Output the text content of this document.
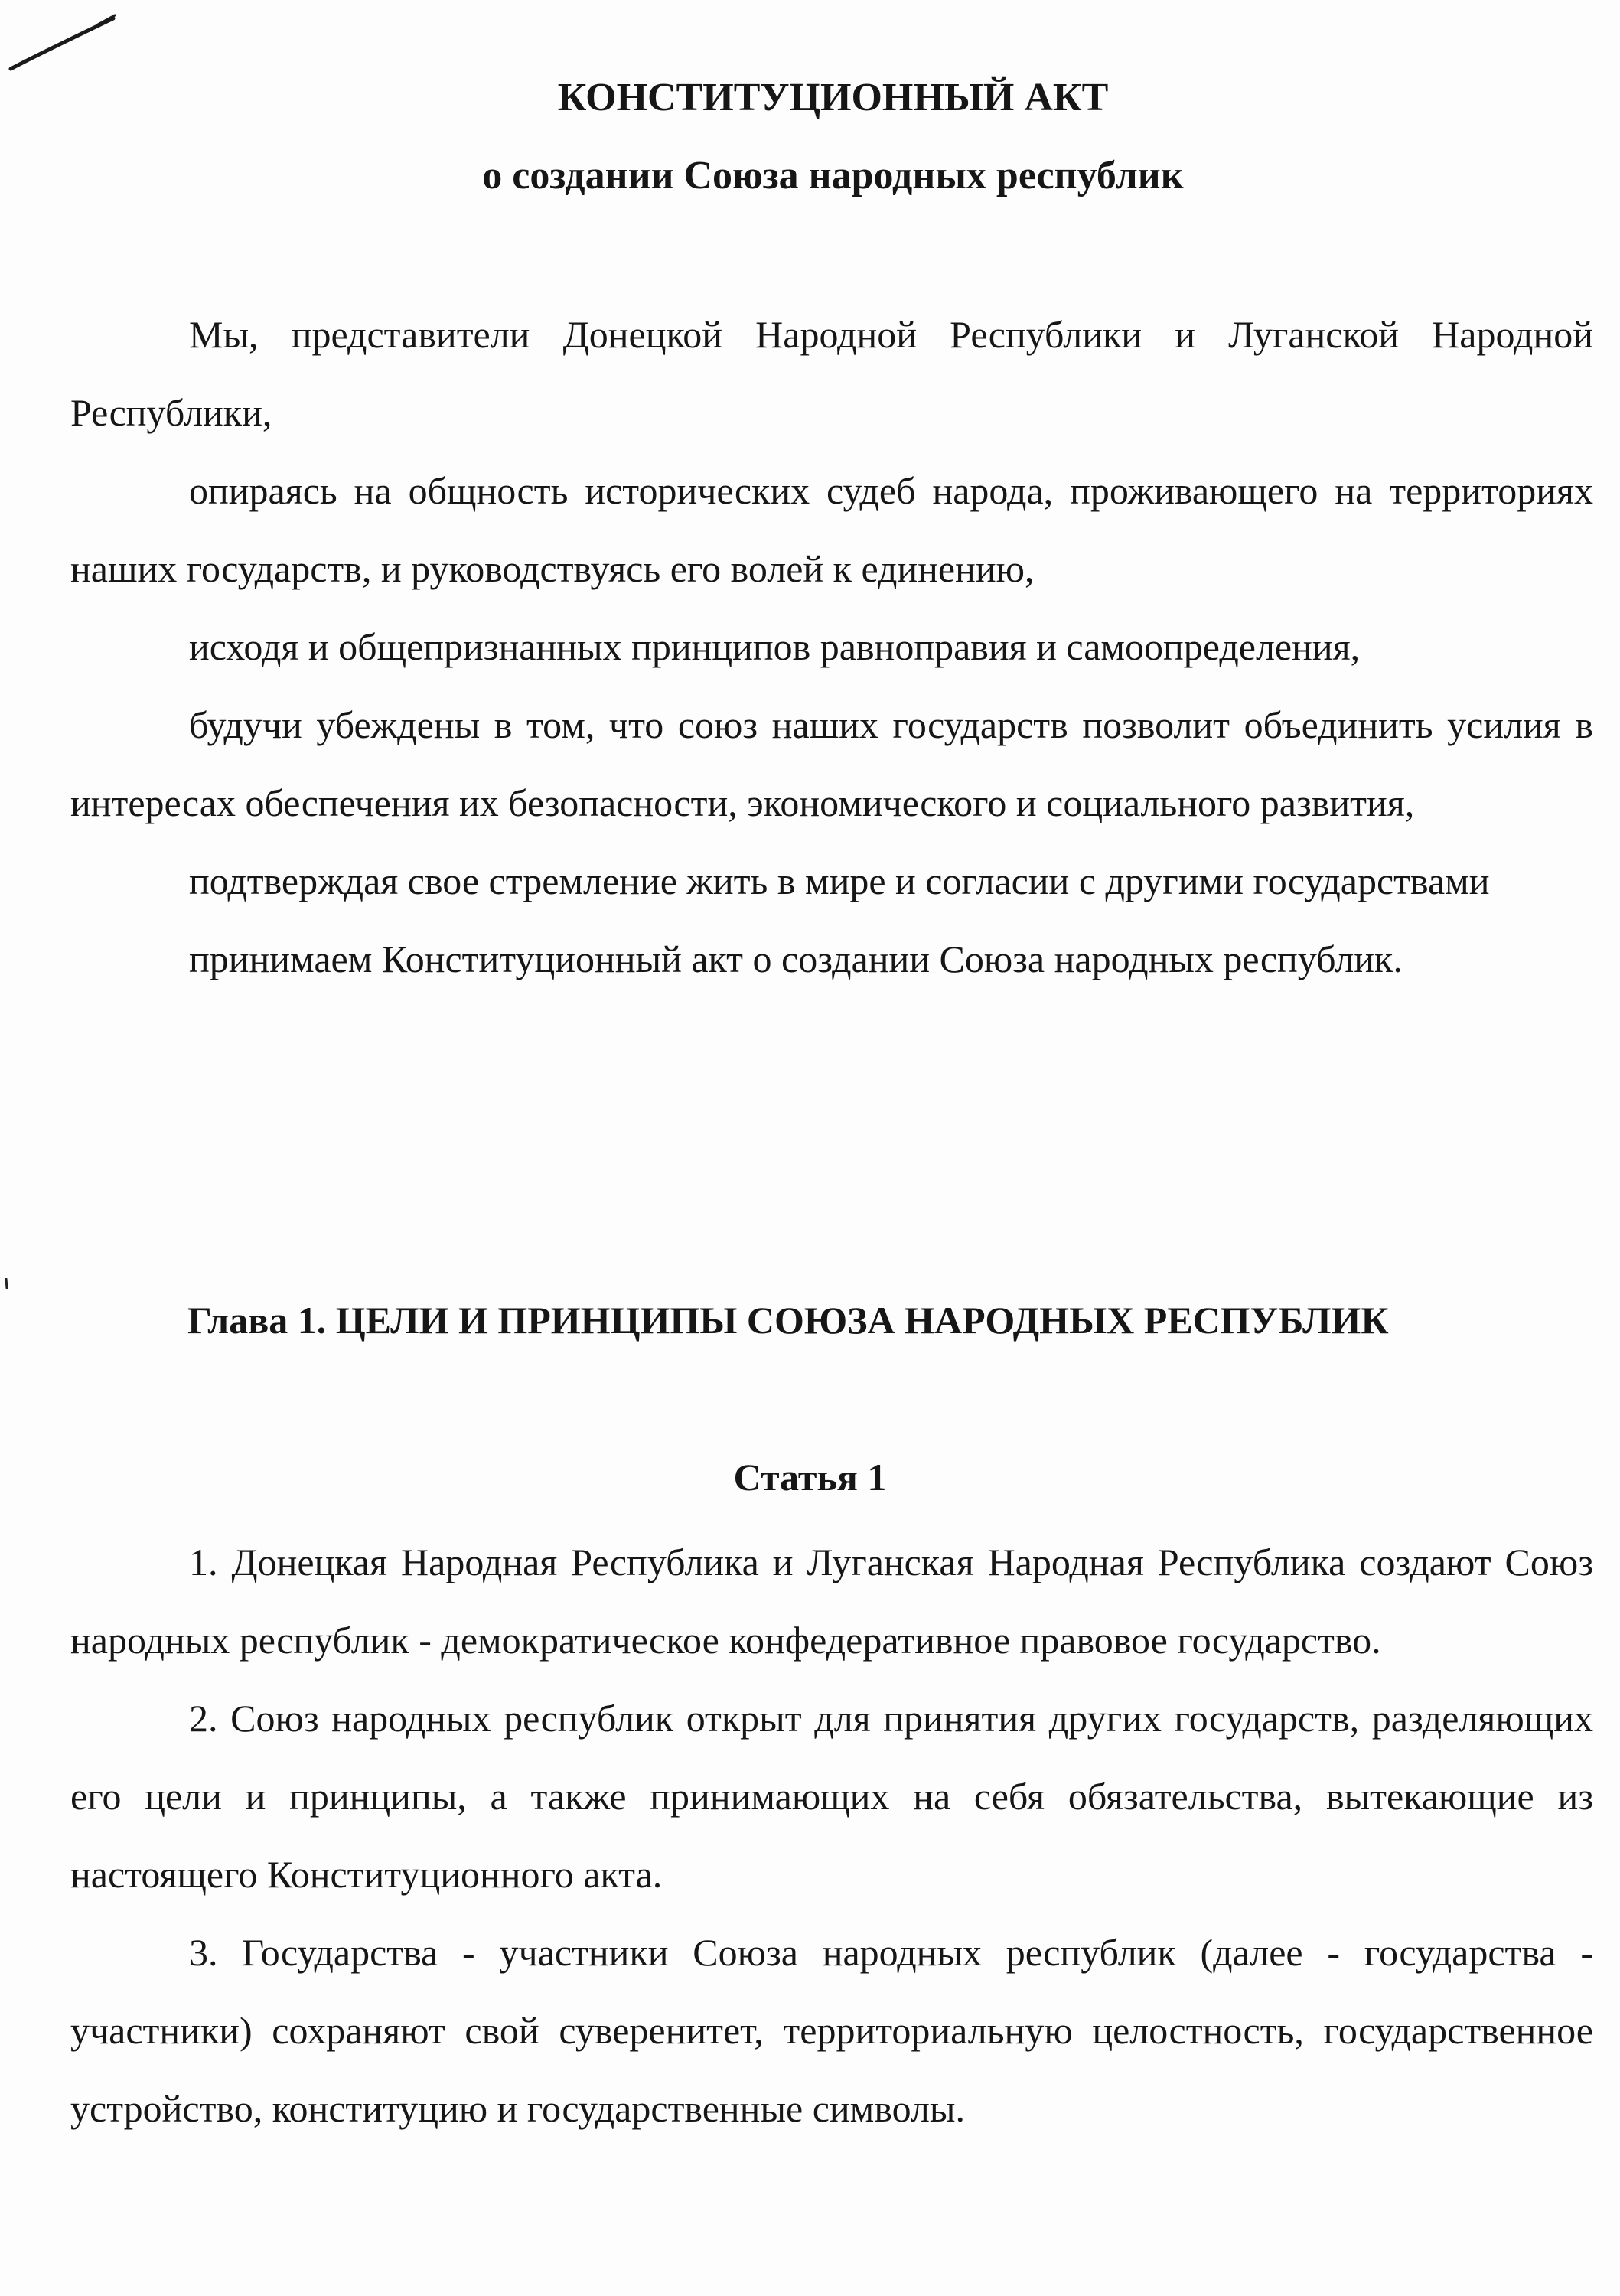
КОНСТИТУЦИОННЫЙ АКТ
о создании Союза народных республик

Мы, представители Донецкой Народной Республики и Луганской Народной Республики,

опираясь на общность исторических судеб народа, проживающего на территориях наших государств, и руководствуясь его волей к единению,

исходя и общепризнанных принципов равноправия и самоопределения,

будучи убеждены в том, что союз наших государств позволит объединить усилия в интересах обеспечения их безопасности, экономического и социального развития,

подтверждая свое стремление жить в мире и согласии с другими государствами

принимаем Конституционный акт о создании Союза народных республик.

Глава 1. ЦЕЛИ И ПРИНЦИПЫ СОЮЗА НАРОДНЫХ РЕСПУБЛИК
Статья 1

1. Донецкая Народная Республика и Луганская Народная Республика создают Союз народных республик - демократическое конфедеративное правовое государство.

2. Союз народных республик открыт для принятия других государств, разделяющих его цели и принципы, а также принимающих на себя обязательства, вытекающие из настоящего Конституционного акта.

3. Государства - участники Союза народных республик (далее - государства - участники) сохраняют свой суверенитет, территориальную целостность, государственное устройство, конституцию и государственные символы.
